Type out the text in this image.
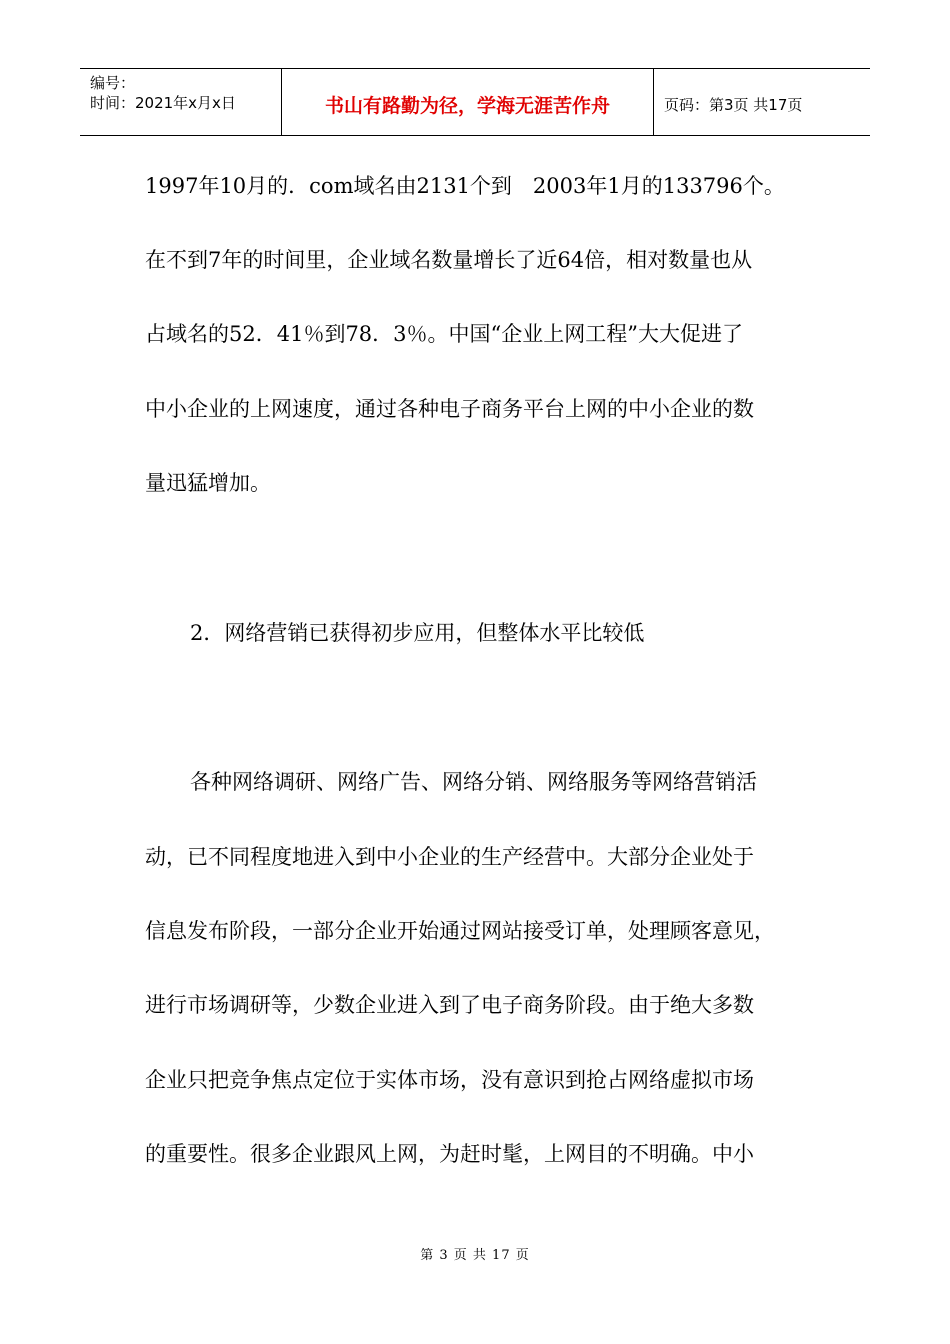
编号：
时间：2021年x月x日	书山有路勤为径，学海无涯苦作舟	页码：第3页 共17页
1997年10月的．com域名由2131个到　2003年1月的133796个。
在不到7年的时间里，企业域名数量增长了近64倍，相对数量也从
占域名的52．41％到78．3％。中国“企业上网工程”大大促进了
中小企业的上网速度，通过各种电子商务平台上网的中小企业的数
量迅猛增加。
2．网络营销已获得初步应用，但整体水平比较低
各种网络调研、网络广告、网络分销、网络服务等网络营销活
动，已不同程度地进入到中小企业的生产经营中。大部分企业处于
信息发布阶段，一部分企业开始通过网站接受订单，处理顾客意见，
进行市场调研等，少数企业进入到了电子商务阶段。由于绝大多数
企业只把竞争焦点定位于实体市场，没有意识到抢占网络虚拟市场
的重要性。很多企业跟风上网，为赶时髦，上网目的不明确。中小
第 3 页 共 17 页
